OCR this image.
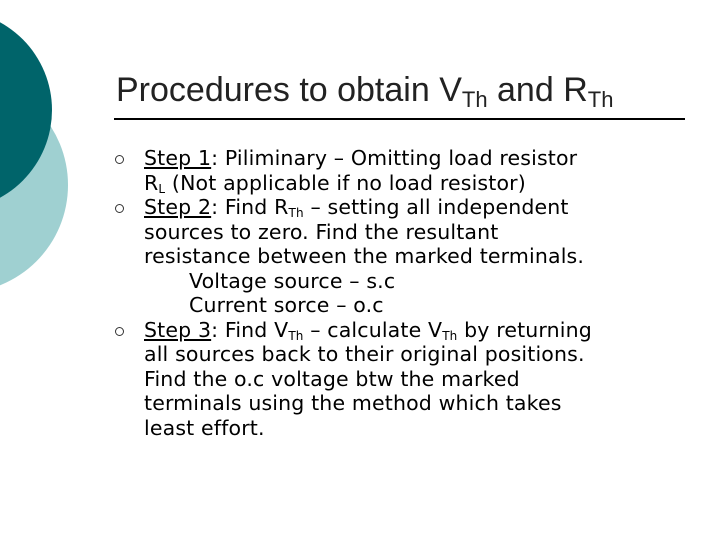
Procedures to obtain $V_{Th}$ and $R_{Th}$
Step 1: Piliminary – Omitting load resistor
$R_L$ (Not applicable if no load resistor)
Step 2: Find $R_{Th}$ – setting all independent
sources to zero. Find the resultant
resistance between the marked terminals.
Voltage source – s.c
Current sorce – o.c
Step 3: Find $V_{Th}$ – calculate $V_{Th}$ by returning
all sources back to their original positions.
Find the o.c voltage btw the marked
terminals using the method which takes
least effort.
